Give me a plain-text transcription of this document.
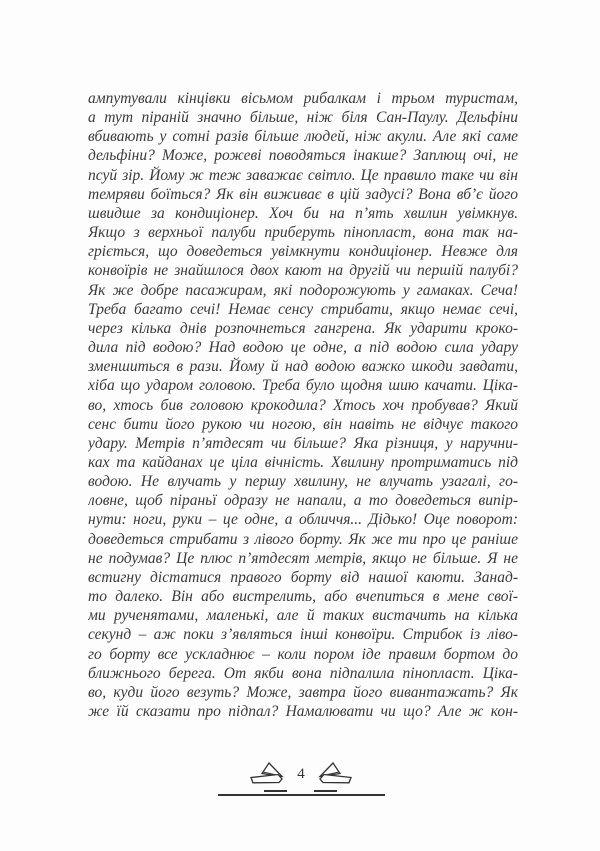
ампутували кінцівки вісьмом рибалкам і трьом туристам,
а тут піраній значно більше, ніж біля Сан-Паулу. Дельфіни
вбивають у сотні разів більше людей, ніж акули. Але які саме
дельфіни? Може, рожеві поводяться інакше? Заплющ очі, не
псуй зір. Йому ж теж заважає світло. Це правило таке чи він
темряви боїться? Як він виживає в цій задусі? Вона вб’є його
швидше за кондиціонер. Хоч би на п’ять хвилин увімкнув.
Якщо з верхньої палуби приберуть пінопласт, вона так на-
гріється, що доведеться увімкнути кондиціонер. Невже для
конвоїрів не знайшлося двох кают на другій чи першій палубі?
Як же добре пасажирам, які подорожують у гамаках. Сеча!
Треба багато сечі! Немає сенсу стрибати, якщо немає сечі,
через кілька днів розпочнеться гангрена. Як ударити кроко-
дила під водою? Над водою це одне, а під водою сила удару
зменшиться в рази. Йому й над водою важко шкоди завдати,
хіба що ударом головою. Треба було щодня шию качати. Ціка-
во, хтось бив головою крокодила? Хтось хоч пробував? Який
сенс бити його рукою чи ногою, він навіть не відчує такого
удару. Метрів п’ятдесят чи більше? Яка різниця, у наручни-
ках та кайданах це ціла вічність. Хвилину протриматись під
водою. Не влучать у першу хвилину, не влучать узагалі, го-
ловне, щоб піраньї одразу не напали, а то доведеться випір-
нути: ноги, руки – це одне, а обличчя... Дідько! Оце поворот:
доведеться стрибати з лівого борту. Як же ти про це раніше
не подумав? Це плюс п’ятдесят метрів, якщо не більше. Я не
встигну дістатися правого борту від нашої каюти. Занад-
то далеко. Він або вистрелить, або вчепиться в мене свої-
ми рученятами, маленькі, але й таких вистачить на кілька
секунд – аж поки з’являться інші конвоїри. Стрибок із ліво-
го борту все ускладнює – коли пором іде правим бортом до
ближнього берега. От якби вона підпалила пінопласт. Ціка-
во, куди його везуть? Може, завтра його вивантажать? Як
же їй сказати про підпал? Намалювати чи що? Але ж кон-
4
